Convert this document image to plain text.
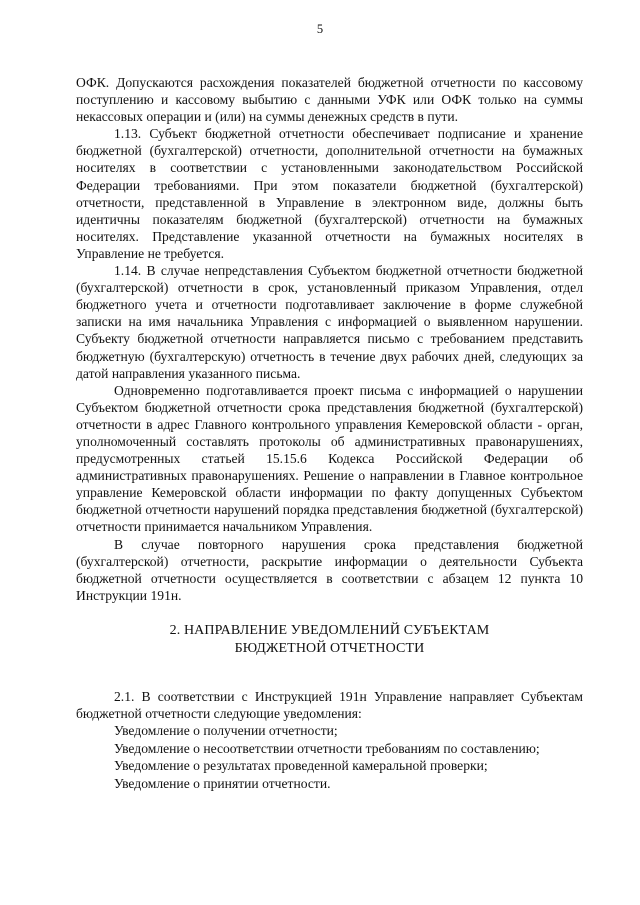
5

ОФК. Допускаются расхождения показателей бюджетной отчетности по кассовому поступлению и кассовому выбытию с данными УФК или ОФК только на суммы некассовых операции и (или) на суммы денежных средств в пути.

1.13. Субъект бюджетной отчетности обеспечивает подписание и хранение бюджетной (бухгалтерской) отчетности, дополнительной отчетности на бумажных носителях в соответствии с установленными законодательством Российской Федерации требованиями. При этом показатели бюджетной (бухгалтерской) отчетности, представленной в Управление в электронном виде, должны быть идентичны показателям бюджетной (бухгалтерской) отчетности на бумажных носителях. Представление указанной отчетности на бумажных носителях в Управление не требуется.

1.14. В случае непредставления Субъектом бюджетной отчетности бюджетной (бухгалтерской) отчетности в срок, установленный приказом Управления, отдел бюджетного учета и отчетности подготавливает заключение в форме служебной записки на имя начальника Управления с информацией о выявленном нарушении. Субъекту бюджетной отчетности направляется письмо с требованием представить бюджетную (бухгалтерскую) отчетность в течение двух рабочих дней, следующих за датой направления указанного письма.

Одновременно подготавливается проект письма с информацией о нарушении Субъектом бюджетной отчетности срока представления бюджетной (бухгалтерской) отчетности в адрес Главного контрольного управления Кемеровской области - орган, уполномоченный составлять протоколы об административных правонарушениях, предусмотренных статьей 15.15.6 Кодекса Российской Федерации об административных правонарушениях. Решение о направлении в Главное контрольное управление Кемеровской области информации по факту допущенных Субъектом бюджетной отчетности нарушений порядка представления бюджетной (бухгалтерской) отчетности принимается начальником Управления.

В случае повторного нарушения срока представления бюджетной (бухгалтерской) отчетности, раскрытие информации о деятельности Субъекта бюджетной отчетности осуществляется в соответствии с абзацем 12 пункта 10 Инструкции 191н.

2. НАПРАВЛЕНИЕ УВЕДОМЛЕНИЙ СУБЪЕКТАМ
БЮДЖЕТНОЙ ОТЧЕТНОСТИ

2.1. В соответствии с Инструкцией 191н Управление направляет Субъектам бюджетной отчетности следующие уведомления:

Уведомление о получении отчетности;

Уведомление о несоответствии отчетности требованиям по составлению;

Уведомление о результатах проведенной камеральной проверки;

Уведомление о принятии отчетности.
